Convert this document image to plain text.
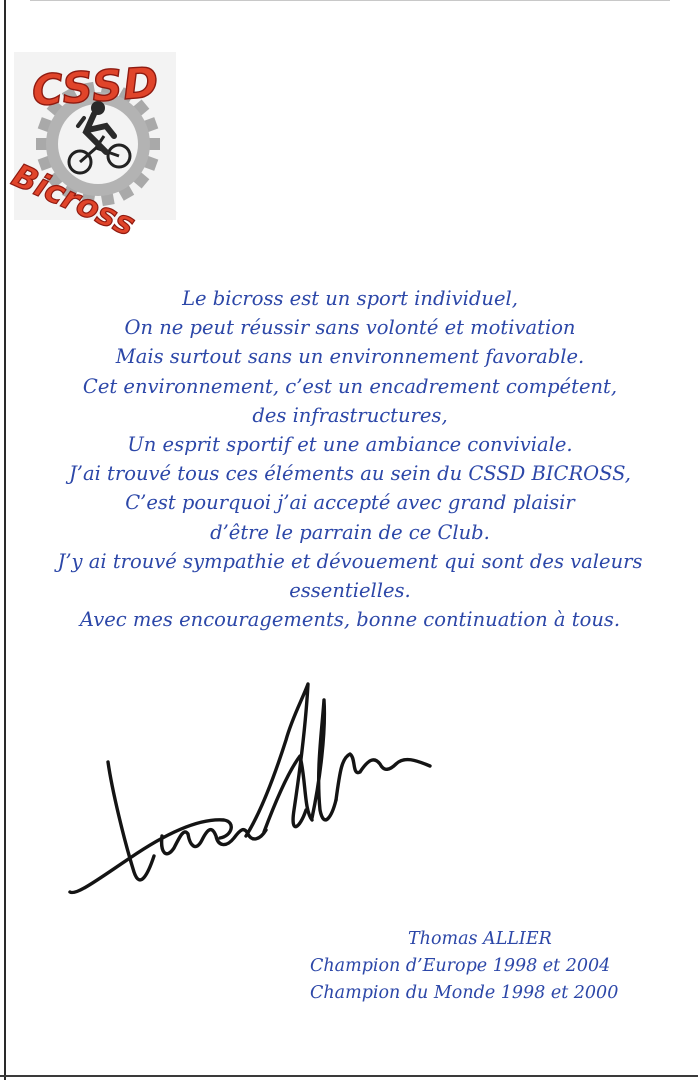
CSSD
Bicross
Le bicross est un sport individuel,
On ne peut réussir sans volonté et motivation
Mais surtout sans un environnement favorable.
Cet environnement, c’est un encadrement compétent,
des infrastructures,
Un esprit sportif et une ambiance conviviale.
J’ai trouvé tous ces éléments au sein du CSSD BICROSS,
C’est pourquoi j’ai accepté avec grand plaisir
d’être le parrain de ce Club.
J’y ai trouvé sympathie et dévouement qui sont des valeurs
essentielles.
Avec mes encouragements, bonne continuation à tous.
Thomas ALLIER
Champion d’Europe 1998 et 2004
Champion du Monde 1998 et 2000
